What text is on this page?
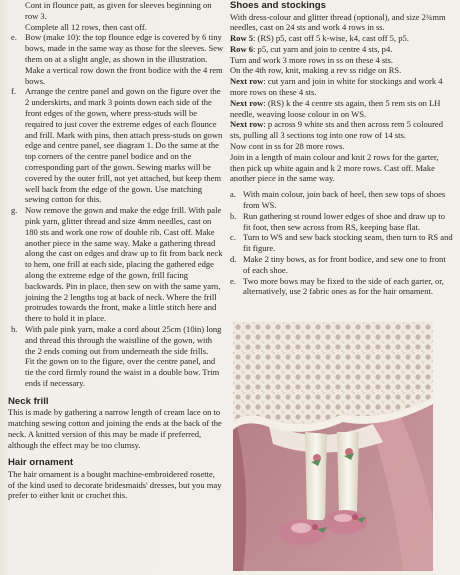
Cont in flounce patt, as given for sleeves beginning on row 3.

Complete all 12 rows, then cast off.

e. Bow (make 10): the top flounce edge is covered by 6 tiny bows, made in the same way as those for the sleeves. Sew them on at a slight angle, as shown in the illustration. Make a vertical row down the front bodice with the 4 rem bows.
f. Arrange the centre panel and gown on the figure over the 2 underskirts, and mark 3 points down each side of the front edges of the gown, where press-studs will be required to just cover the extreme edges of each flounce and frill. Mark with pins, then attach press-studs on gown edge and centre panel, see diagram 1. Do the same at the top corners of the centre panel bodice and on the corresponding part of the gown. Sewing marks will be covered by the outer frill, not yet attached, but keep them well back from the edge of the gown. Use matching sewing cotton for this.
g. Now remove the gown and make the edge frill. With pale pink yarn, glitter thread and size 4mm needles, cast on 180 sts and work one row of double rib. Cast off. Make another piece in the same way. Make a gathering thread along the cast on edges and draw up to fit from back neck to hem, one frill at each side, placing the gathered edge along the extreme edge of the gown, frill facing backwards. Pin in place, then sew on with the same yarn, joining the 2 lengths tog at back of neck. Where the frill protrudes towards the front, make a little stitch here and there to hold it in place.
h. With pale pink yarn, make a cord about 25cm (10in) long and thread this through the waistline of the gown, with the 2 ends coming out from underneath the side frills.

Fit the gown on to the figure, over the centre panel, and tie the cord firmly round the waist in a double bow. Trim ends if necessary.

Neck frill

This is made by gathering a narrow length of cream lace on to matching sewing cotton and joining the ends at the back of the neck. A knitted version of this may be made if preferred, although the effect may be too clumsy.

Hair ornament

The hair ornament is a bought machine-embroidered rosette, of the kind used to decorate bridesmaids' dresses, but you may prefer to either knit or crochet this.

Shoes and stockings

With dress-colour and glitter thread (optional), and size 2¾mm needles, cast on 24 sts and work 4 rows in ss.

Row 5: (RS) p5, cast off 5 k-wise, k4, cast off 5, p5.

Row 6: p5, cut yarn and join to centre 4 sts, p4.

Turn and work 3 more rows in ss on these 4 sts.

On the 4th row, knit, making a rev ss ridge on RS.

Next row: cut yarn and join in white for stockings and work 4 more rows on these 4 sts.

Next row: (RS) k the 4 centre sts again, then 5 rem sts on LH needle, weaving loose colour in on WS.

Next row: p across 9 white sts and then across rem 5 coloured sts, pulling all 3 sections tog into one row of 14 sts.

Now cont in ss for 28 more rows.

Join in a length of main colour and knit 2 rows for the garter, then pick up white again and k 2 more rows. Cast off. Make another piece in the same way.

a. With main colour, join back of heel, then sew tops of shoes from WS.
b. Run gathering st round lower edges of shoe and draw up to fit foot, then sew across from RS, keeping base flat.
c. Turn to WS and sew back stocking seam, then turn to RS and fit figure.
d. Make 2 tiny bows, as for front bodice, and sew one to front of each shoe.
e. Two more bows may be fixed to the side of each garter, or, alternatively, use 2 fabric ones as for the hair ornament.
